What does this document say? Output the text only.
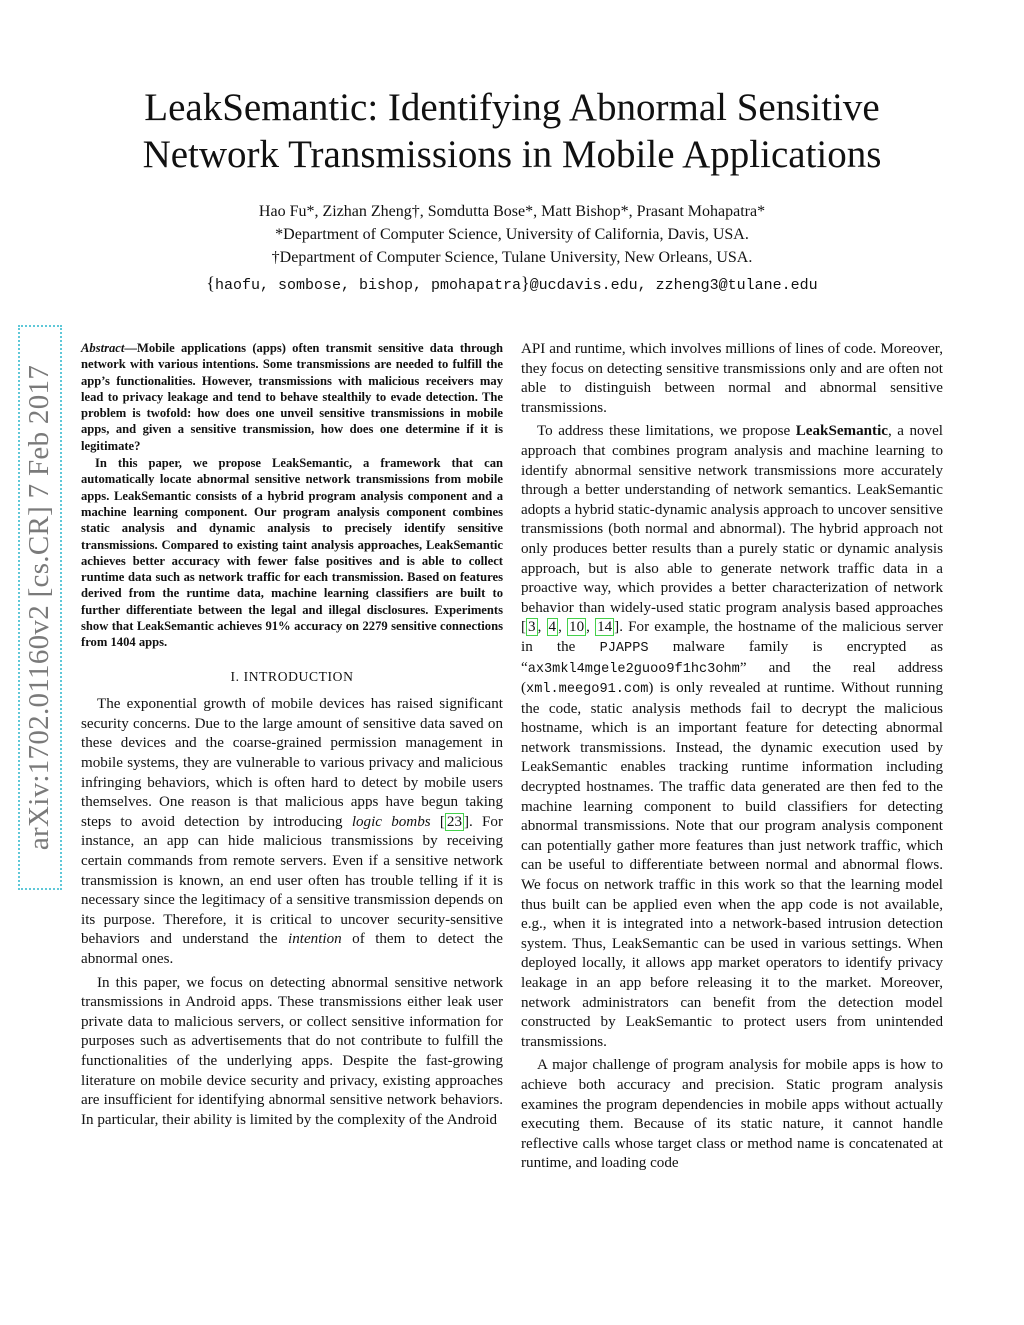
arXiv:1702.01160v2 [cs.CR] 7 Feb 2017
LeakSemantic: Identifying Abnormal Sensitive
Network Transmissions in Mobile Applications
Hao Fu*, Zizhan Zheng†, Somdutta Bose*, Matt Bishop*, Prasant Mohapatra*
*Department of Computer Science, University of California, Davis, USA.
†Department of Computer Science, Tulane University, New Orleans, USA.
{haofu, sombose, bishop, pmohapatra}@ucdavis.edu, zzheng3@tulane.edu

Abstract—Mobile applications (apps) often transmit sensitive data through network with various intentions. Some transmissions are needed to fulfill the app’s functionalities. However, transmissions with malicious receivers may lead to privacy leakage and tend to behave stealthily to evade detection. The problem is twofold: how does one unveil sensitive transmissions in mobile apps, and given a sensitive transmission, how does one determine if it is legitimate?

In this paper, we propose LeakSemantic, a framework that can automatically locate abnormal sensitive network transmissions from mobile apps. LeakSemantic consists of a hybrid program analysis component and a machine learning component. Our program analysis component combines static analysis and dynamic analysis to precisely identify sensitive transmissions. Compared to existing taint analysis approaches, LeakSemantic achieves better accuracy with fewer false positives and is able to collect runtime data such as network traffic for each transmission. Based on features derived from the runtime data, machine learning classifiers are built to further differentiate between the legal and illegal disclosures. Experiments show that LeakSemantic achieves 91% accuracy on 2279 sensitive connections from 1404 apps.

I. INTRODUCTION

The exponential growth of mobile devices has raised significant security concerns. Due to the large amount of sensitive data saved on these devices and the coarse-grained permission management in mobile systems, they are vulnerable to various privacy and malicious infringing behaviors, which is often hard to detect by mobile users themselves. One reason is that malicious apps have begun taking steps to avoid detection by introducing logic bombs [ 23 ]. For instance, an app can hide malicious transmissions by receiving certain commands from remote servers. Even if a sensitive network transmission is known, an end user often has trouble telling if it is necessary since the legitimacy of a sensitive transmission depends on its purpose. Therefore, it is critical to uncover security-sensitive behaviors and understand the intention of them to detect the abnormal ones.

In this paper, we focus on detecting abnormal sensitive network transmissions in Android apps. These transmissions either leak user private data to malicious servers, or collect sensitive information for purposes such as advertisements that do not contribute to fulfill the functionalities of the underlying apps. Despite the fast-growing literature on mobile device security and privacy, existing approaches are insufficient for identifying abnormal sensitive network behaviors. In particular, their ability is limited by the complexity of the Android

API and runtime, which involves millions of lines of code. Moreover, they focus on detecting sensitive transmissions only and are often not able to distinguish between normal and abnormal sensitive transmissions.

To address these limitations, we propose LeakSemantic, a novel approach that combines program analysis and machine learning to identify abnormal sensitive network transmissions more accurately through a better understanding of network semantics. LeakSemantic adopts a hybrid static-dynamic analysis approach to uncover sensitive transmissions (both normal and abnormal). The hybrid approach not only produces better results than a purely static or dynamic analysis approach, but is also able to generate network traffic data in a proactive way, which provides a better characterization of network behavior than widely-used static program analysis based approaches [ 3 , 4 , 10 , 14 ]. For example, the hostname of the malicious server in the PJAPPS malware family is encrypted as “ax3mkl4mgele2guoo9f1hc3ohm” and the real address (xml.meego91.com) is only revealed at runtime. Without running the code, static analysis methods fail to decrypt the malicious hostname, which is an important feature for detecting abnormal network transmissions. Instead, the dynamic execution used by LeakSemantic enables tracking runtime information including decrypted hostnames. The traffic data generated are then fed to the machine learning component to build classifiers for detecting abnormal transmissions. Note that our program analysis component can potentially gather more features than just network traffic, which can be useful to differentiate between normal and abnormal flows. We focus on network traffic in this work so that the learning model thus built can be applied even when the app code is not available, e.g., when it is integrated into a network-based intrusion detection system. Thus, LeakSemantic can be used in various settings. When deployed locally, it allows app market operators to identify privacy leakage in an app before releasing it to the market. Moreover, network administrators can benefit from the detection model constructed by LeakSemantic to protect users from unintended transmissions.

A major challenge of program analysis for mobile apps is how to achieve both accuracy and precision. Static program analysis examines the program dependencies in mobile apps without actually executing them. Because of its static nature, it cannot handle reflective calls whose target class or method name is concatenated at runtime, and loading code
